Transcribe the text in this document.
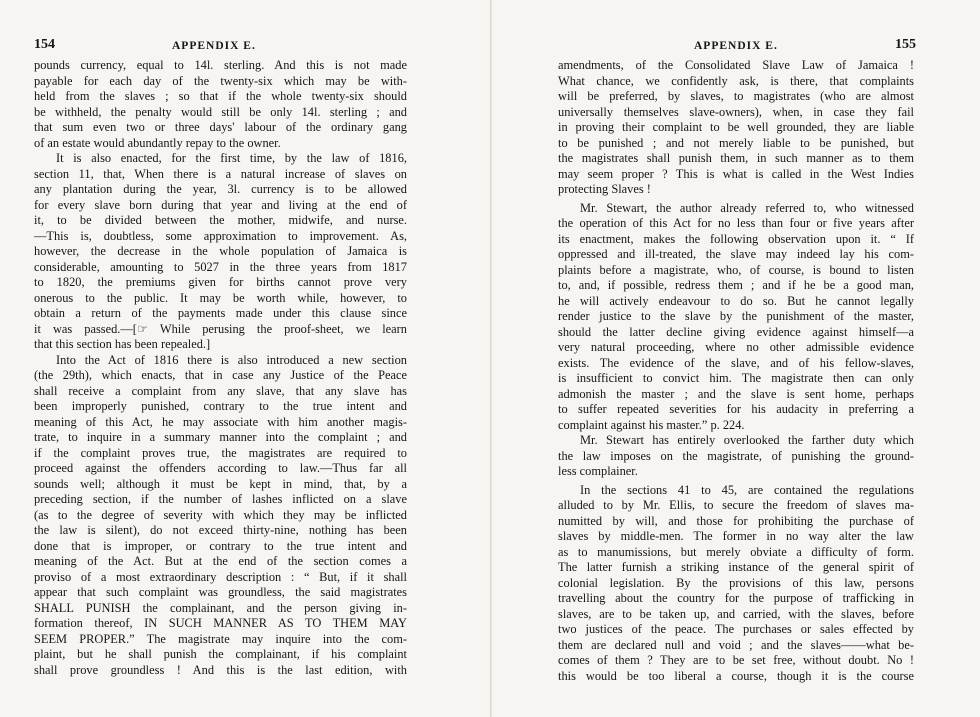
154	APPENDIX E.
pounds currency, equal to 14l. sterling. And this is not made
payable for each day of the twenty-six which may be with-
held from the slaves ; so that if the whole twenty-six should
be withheld, the penalty would still be only 14l. sterling ; and
that sum even two or three days' labour of the ordinary gang
of an estate would abundantly repay to the owner.
It is also enacted, for the first time, by the law of 1816,
section 11, that, When there is a natural increase of slaves on
any plantation during the year, 3l. currency is to be allowed
for every slave born during that year and living at the end of
it, to be divided between the mother, midwife, and nurse.
—This is, doubtless, some approximation to improvement. As,
however, the decrease in the whole population of Jamaica is
considerable, amounting to 5027 in the three years from 1817
to 1820, the premiums given for births cannot prove very
onerous to the public. It may be worth while, however, to
obtain a return of the payments made under this clause since
it was passed.—[☞ While perusing the proof-sheet, we learn
that this section has been repealed.]
Into the Act of 1816 there is also introduced a new section
(the 29th), which enacts, that in case any Justice of the Peace
shall receive a complaint from any slave, that any slave has
been improperly punished, contrary to the true intent and
meaning of this Act, he may associate with him another magis-
trate, to inquire in a summary manner into the complaint ; and
if the complaint proves true, the magistrates are required to
proceed against the offenders according to law.—Thus far all
sounds well; although it must be kept in mind, that, by a
preceding section, if the number of lashes inflicted on a slave
(as to the degree of severity with which they may be inflicted
the law is silent), do not exceed thirty-nine, nothing has been
done that is improper, or contrary to the true intent and
meaning of the Act. But at the end of the section comes a
proviso of a most extraordinary description : “ But, if it shall
appear that such complaint was groundless, the said magistrates
SHALL PUNISH the complainant, and the person giving in-
formation thereof, IN SUCH MANNER AS TO THEM MAY
SEEM PROPER.” The magistrate may inquire into the com-
plaint, but he shall punish the complainant, if his complaint
shall prove groundless ! And this is the last edition, with
APPENDIX E.	155
amendments, of the Consolidated Slave Law of Jamaica !
What chance, we confidently ask, is there, that complaints
will be preferred, by slaves, to magistrates (who are almost
universally themselves slave-owners), when, in case they fail
in proving their complaint to be well grounded, they are liable
to be punished ; and not merely liable to be punished, but
the magistrates shall punish them, in such manner as to them
may seem proper ? This is what is called in the West Indies
protecting Slaves !
Mr. Stewart, the author already referred to, who witnessed
the operation of this Act for no less than four or five years after
its enactment, makes the following observation upon it. “ If
oppressed and ill-treated, the slave may indeed lay his com-
plaints before a magistrate, who, of course, is bound to listen
to, and, if possible, redress them ; and if he be a good man,
he will actively endeavour to do so. But he cannot legally
render justice to the slave by the punishment of the master,
should the latter decline giving evidence against himself—a
very natural proceeding, where no other admissible evidence
exists. The evidence of the slave, and of his fellow-slaves,
is insufficient to convict him. The magistrate then can only
admonish the master ; and the slave is sent home, perhaps
to suffer repeated severities for his audacity in preferring a
complaint against his master.” p. 224.
Mr. Stewart has entirely overlooked the farther duty which
the law imposes on the magistrate, of punishing the ground-
less complainer.
In the sections 41 to 45, are contained the regulations
alluded to by Mr. Ellis, to secure the freedom of slaves ma-
numitted by will, and those for prohibiting the purchase of
slaves by middle-men. The former in no way alter the law
as to manumissions, but merely obviate a difficulty of form.
The latter furnish a striking instance of the general spirit of
colonial legislation. By the provisions of this law, persons
travelling about the country for the purpose of trafficking in
slaves, are to be taken up, and carried, with the slaves, before
two justices of the peace. The purchases or sales effected by
them are declared null and void ; and the slaves——what be-
comes of them ? They are to be set free, without doubt. No !
this would be too liberal a course, though it is the course
